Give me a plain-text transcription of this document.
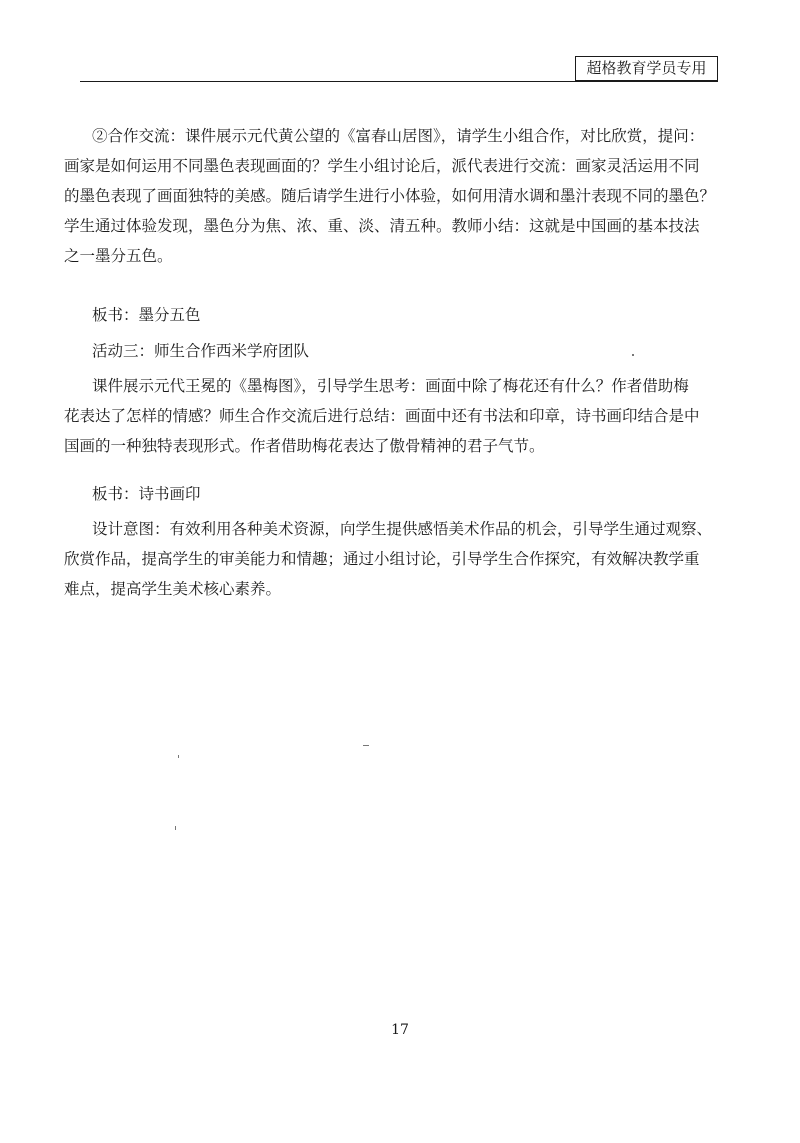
超格教育学员专用
②合作交流：课件展示元代黄公望的《富春山居图》，请学生小组合作，对比欣赏，提问：
画家是如何运用不同墨色表现画面的？学生小组讨论后，派代表进行交流：画家灵活运用不同
的墨色表现了画面独特的美感。随后请学生进行小体验，如何用清水调和墨汁表现不同的墨色？
学生通过体验发现，墨色分为焦、浓、重、淡、清五种。教师小结：这就是中国画的基本技法
之一墨分五色。
板书：墨分五色
活动三：师生合作西米学府团队
课件展示元代王冕的《墨梅图》，引导学生思考：画面中除了梅花还有什么？作者借助梅
花表达了怎样的情感？师生合作交流后进行总结：画面中还有书法和印章，诗书画印结合是中
国画的一种独特表现形式。作者借助梅花表达了傲骨精神的君子气节。
板书：诗书画印
设计意图：有效利用各种美术资源，向学生提供感悟美术作品的机会，引导学生通过观察、
欣赏作品，提高学生的审美能力和情趣；通过小组讨论，引导学生合作探究，有效解决教学重
难点，提高学生美术核心素养。
17
